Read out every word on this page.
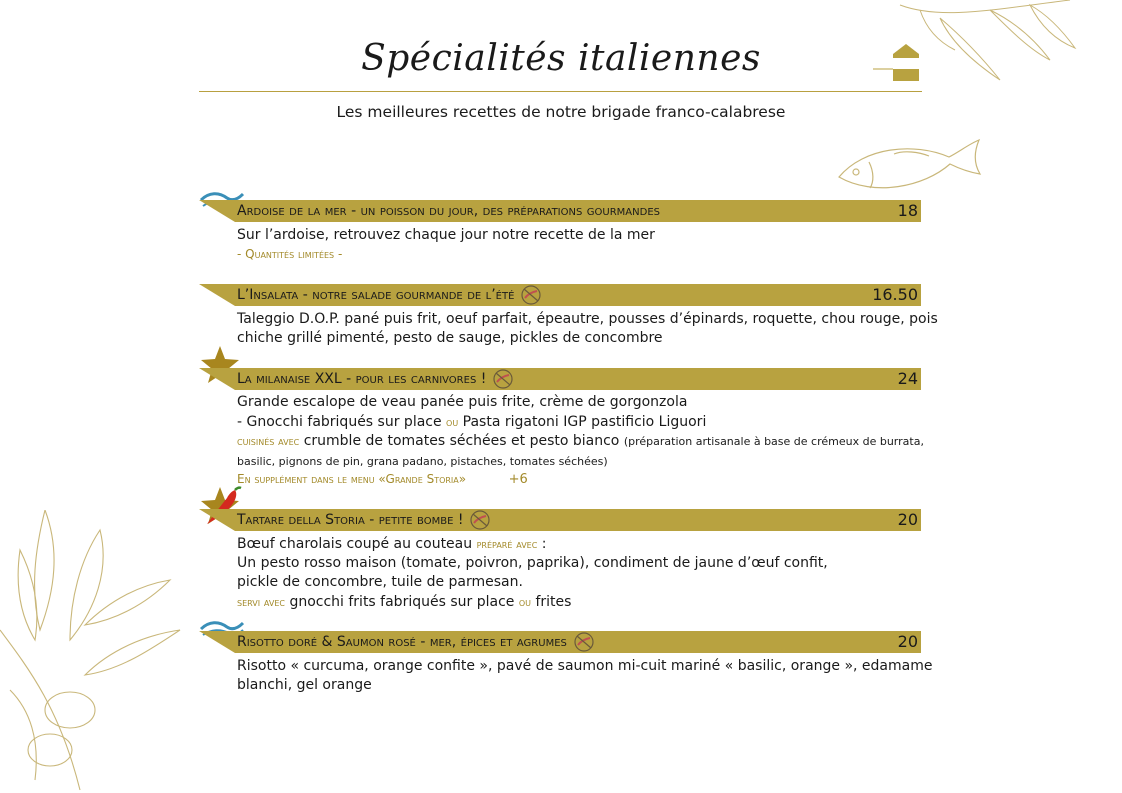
Spécialités italiennes
Les meilleures recettes de notre brigade franco-calabrese
Ardoise de la mer - un poisson du jour, des préparations gourmandes	18
Sur l’ardoise, retrouvez chaque jour notre recette de la mer
- Quantités limitées -
L’Insalata - notre salade gourmande de l’été	16.50
Taleggio D.O.P. pané puis frit, oeuf parfait, épeautre, pousses d’épinards, roquette, chou rouge, pois
chiche grillé pimenté, pesto de sauge, pickles de concombre
La milanaise XXL - pour les carnivores !	24
Grande escalope de veau panée puis frite, crème de gorgonzola
- Gnocchi fabriqués sur place ou Pasta rigatoni IGP pastificio Liguori
cuisinés avec crumble de tomates séchées et pesto bianco (préparation artisanale à base de crémeux de burrata,
basilic, pignons de pin, grana padano, pistaches, tomates séchées)
En supplément dans le menu «Grande Storia»	+6
Tartare della Storia - petite bombe !	20
Bœuf charolais coupé au couteau préparé avec :
Un pesto rosso maison (tomate, poivron, paprika), condiment de jaune d’œuf confit,
pickle de concombre, tuile de parmesan.
servi avec gnocchi frits fabriqués sur place ou frites
Risotto doré & Saumon rosé - mer, épices et agrumes	20
Risotto « curcuma, orange confite », pavé de saumon mi-cuit mariné « basilic, orange », edamame
blanchi, gel orange
